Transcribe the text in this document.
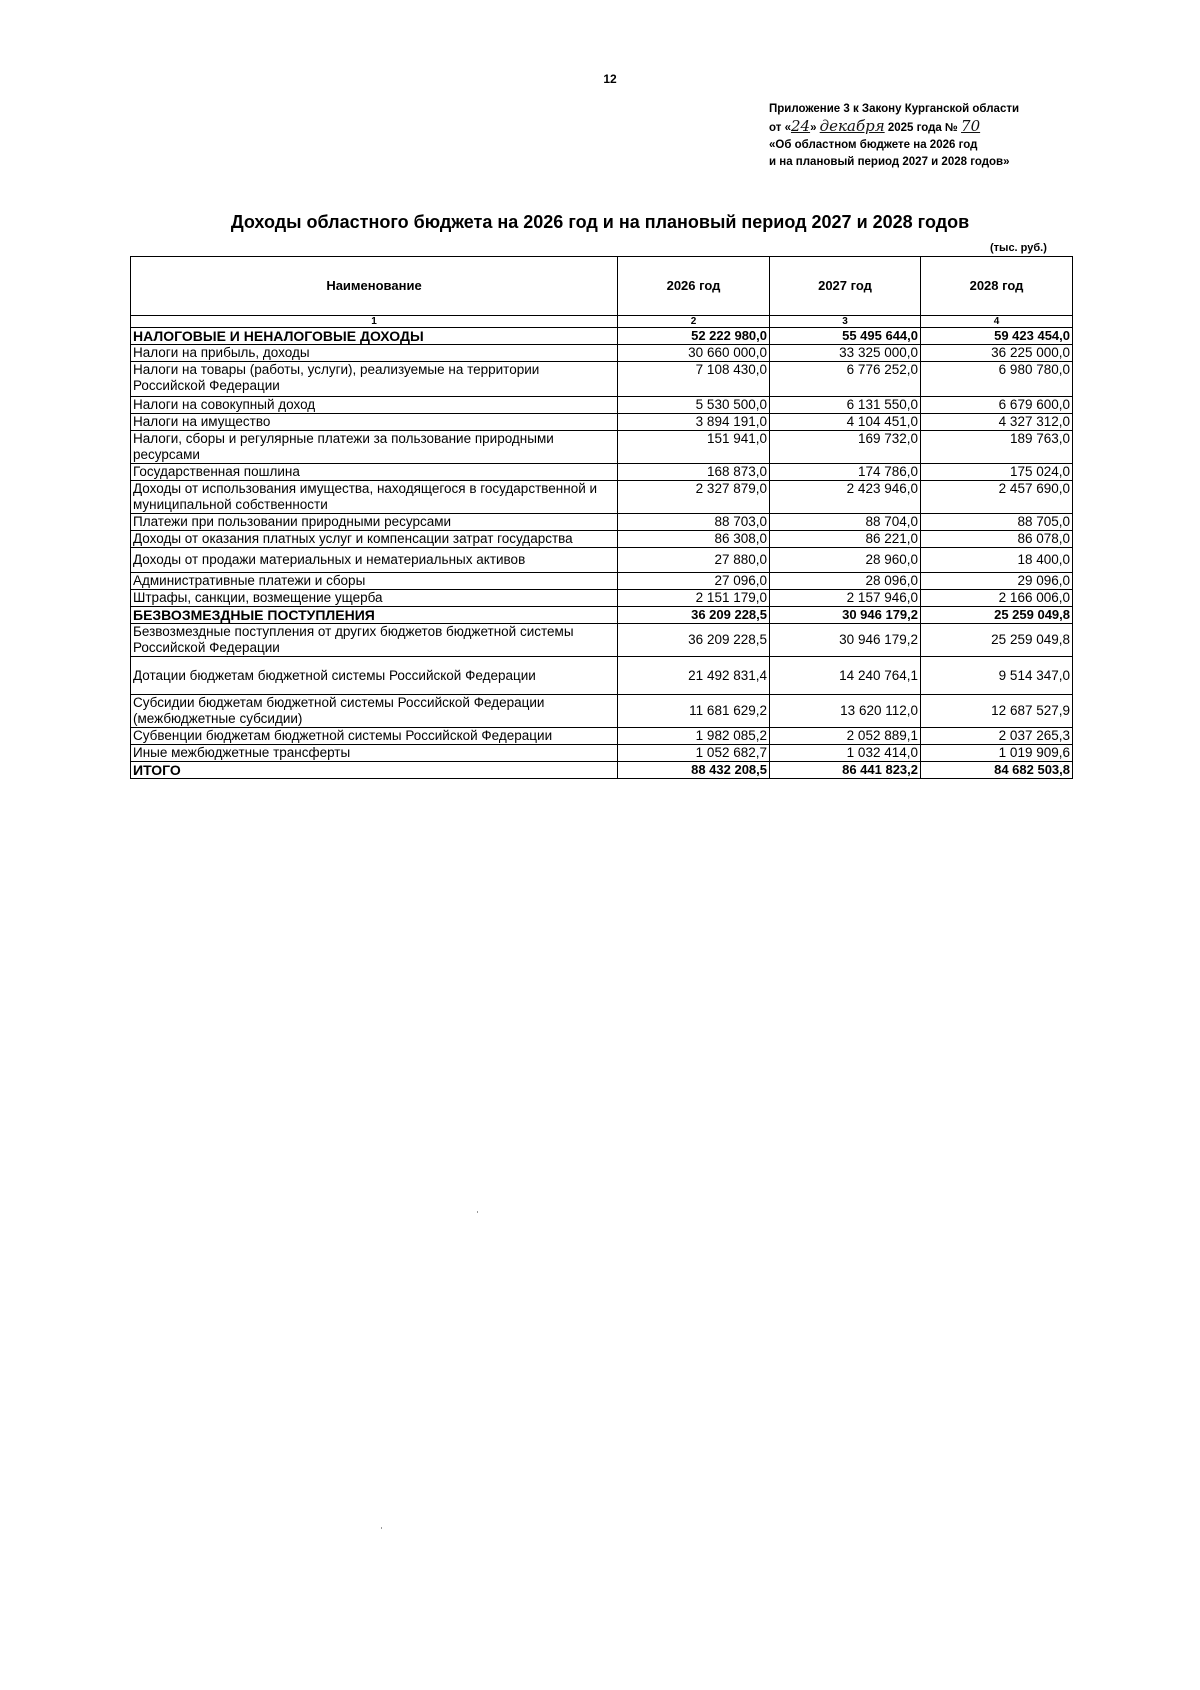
12
Приложение 3 к Закону Курганской области
от «24» декабря 2025 года № 70
«Об областном бюджете на 2026 год
и на плановый период 2027 и 2028 годов»
Доходы областного бюджета на 2026 год и на плановый период 2027 и 2028 годов
(тыс. руб.)
Наименование	2026 год	2027 год	2028 год
1	2	3	4
НАЛОГОВЫЕ И НЕНАЛОГОВЫЕ ДОХОДЫ	52 222 980,0	55 495 644,0	59 423 454,0
Налоги на прибыль, доходы	30 660 000,0	33 325 000,0	36 225 000,0
Налоги на товары (работы, услуги), реализуемые на территории Российской Федерации	7 108 430,0	6 776 252,0	6 980 780,0
Налоги на совокупный доход	5 530 500,0	6 131 550,0	6 679 600,0
Налоги на имущество	3 894 191,0	4 104 451,0	4 327 312,0
Налоги, сборы и регулярные платежи за пользование природными ресурсами	151 941,0	169 732,0	189 763,0
Государственная пошлина	168 873,0	174 786,0	175 024,0
Доходы от использования имущества, находящегося в государственной и муниципальной собственности	2 327 879,0	2 423 946,0	2 457 690,0
Платежи при пользовании природными ресурсами	88 703,0	88 704,0	88 705,0
Доходы от оказания платных услуг и компенсации затрат государства	86 308,0	86 221,0	86 078,0
Доходы от продажи материальных и нематериальных активов	27 880,0	28 960,0	18 400,0
Административные платежи и сборы	27 096,0	28 096,0	29 096,0
Штрафы, санкции, возмещение ущерба	2 151 179,0	2 157 946,0	2 166 006,0
БЕЗВОЗМЕЗДНЫЕ ПОСТУПЛЕНИЯ	36 209 228,5	30 946 179,2	25 259 049,8
Безвозмездные поступления от других бюджетов бюджетной системы Российской Федерации	36 209 228,5	30 946 179,2	25 259 049,8
Дотации бюджетам бюджетной системы Российской Федерации	21 492 831,4	14 240 764,1	9 514 347,0
Субсидии бюджетам бюджетной системы Российской Федерации (межбюджетные субсидии)	11 681 629,2	13 620 112,0	12 687 527,9
Субвенции бюджетам бюджетной системы Российской Федерации	1 982 085,2	2 052 889,1	2 037 265,3
Иные межбюджетные трансферты	1 052 682,7	1 032 414,0	1 019 909,6
ИТОГО	88 432 208,5	86 441 823,2	84 682 503,8
